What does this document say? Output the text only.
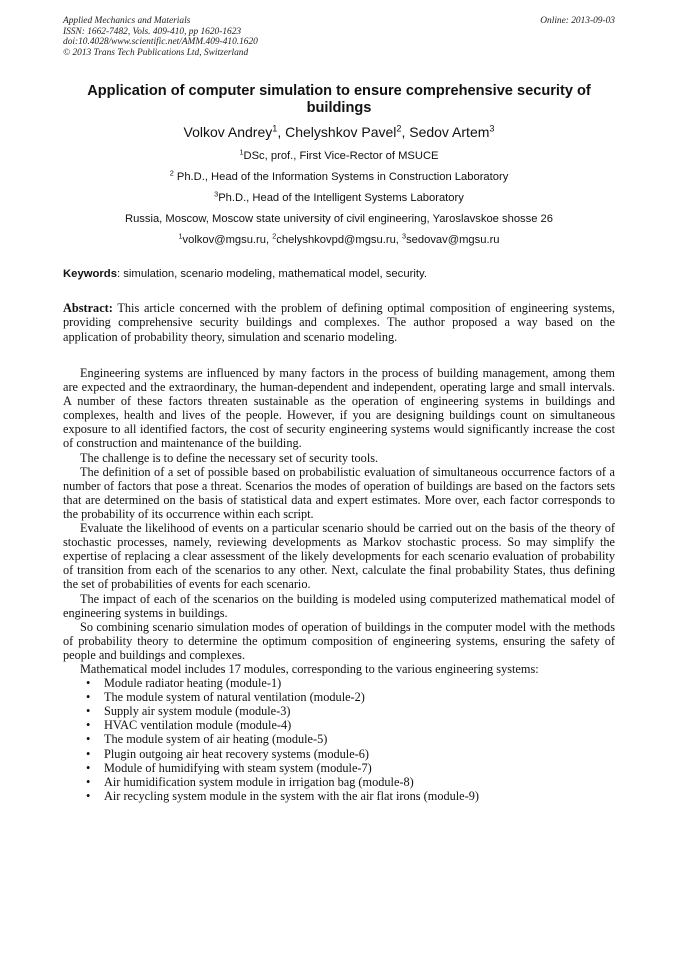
Applied Mechanics and Materials
ISSN: 1662-7482, Vols. 409-410, pp 1620-1623
doi:10.4028/www.scientific.net/AMM.409-410.1620
© 2013 Trans Tech Publications Ltd, Switzerland
Online: 2013-09-03
Application of computer simulation to ensure comprehensive security of buildings
Volkov Andrey$^1$, Chelyshkov Pavel$^2$, Sedov Artem$^3$
$^1$DSc, prof., First Vice-Rector of MSUCE
$^2$ Ph.D., Head of the Information Systems in Construction Laboratory
$^3$Ph.D., Head of the Intelligent Systems Laboratory
Russia, Moscow, Moscow state university of civil engineering, Yaroslavskoe shosse 26
$^1$volkov@mgsu.ru, $^2$chelyshkovpd@mgsu.ru, $^3$sedovav@mgsu.ru
Keywords: simulation, scenario modeling, mathematical model, security.
Abstract: This article concerned with the problem of defining optimal composition of engineering systems, providing comprehensive security buildings and complexes. The author proposed a way based on the application of probability theory, simulation and scenario modeling.

Engineering systems are influenced by many factors in the process of building management, among them are expected and the extraordinary, the human-dependent and independent, operating large and small intervals. A number of these factors threaten sustainable as the operation of engineering systems in buildings and complexes, health and lives of the people. However, if you are designing buildings count on simultaneous exposure to all identified factors, the cost of security engineering systems would significantly increase the cost of construction and maintenance of the building.

The challenge is to define the necessary set of security tools.

The definition of a set of possible based on probabilistic evaluation of simultaneous occurrence factors of a number of factors that pose a threat. Scenarios the modes of operation of buildings are based on the factors sets that are determined on the basis of statistical data and expert estimates. More over, each factor corresponds to the probability of its occurrence within each script.

Evaluate the likelihood of events on a particular scenario should be carried out on the basis of the theory of stochastic processes, namely, reviewing developments as Markov stochastic process. So may simplify the expertise of replacing a clear assessment of the likely developments for each scenario evaluation of probability of transition from each of the scenarios to any other. Next, calculate the final probability States, thus defining the set of probabilities of events for each scenario.

The impact of each of the scenarios on the building is modeled using computerized mathematical model of engineering systems in buildings.

So combining scenario simulation modes of operation of buildings in the computer model with the methods of probability theory to determine the optimum composition of engineering systems, ensuring the safety of people and buildings and complexes.

Mathematical model includes 17 modules, corresponding to the various engineering systems:

• Module radiator heating (module-1)
• The module system of natural ventilation (module-2)
• Supply air system module (module-3)
• HVAC ventilation module (module-4)
• The module system of air heating (module-5)
• Plugin outgoing air heat recovery systems (module-6)
• Module of humidifying with steam system (module-7)
• Air humidification system module in irrigation bag (module-8)
• Air recycling system module in the system with the air flat irons (module-9)
